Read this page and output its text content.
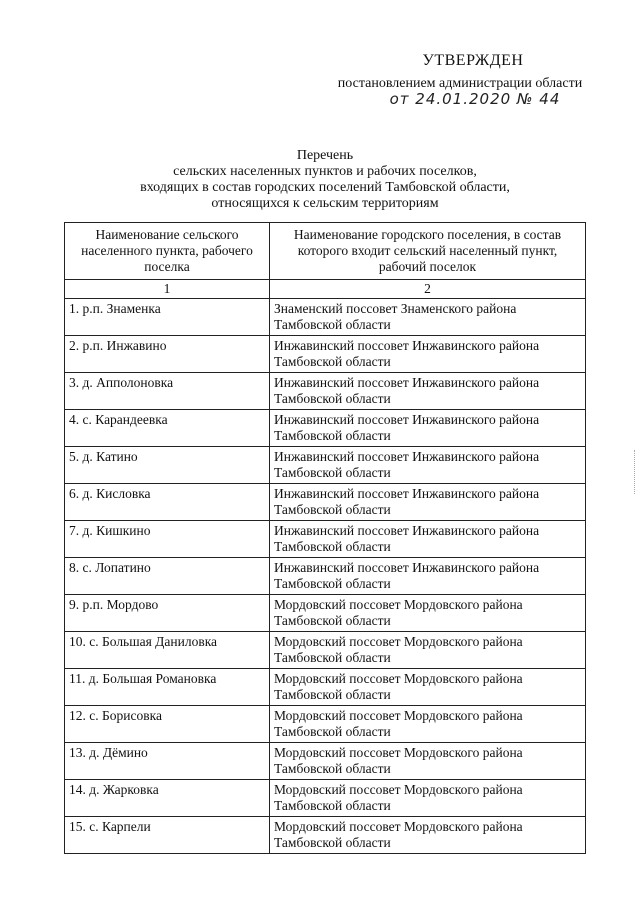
УТВЕРЖДЕН
постановлением администрации области
от 24.01.2020 № 44
Перечень
сельских населенных пунктов и рабочих поселков,
входящих в состав городских поселений Тамбовской области,
относящихся к сельским территориям
Наименование сельского населенного пункта, рабочего поселка	Наименование городского поселения, в состав которого входит сельский населенный пункт, рабочий поселок
1	2
1. р.п. Знаменка	Знаменский поссовет Знаменского района Тамбовской области
2. р.п. Инжавино	Инжавинский поссовет Инжавинского района Тамбовской области
3. д. Апполоновка	Инжавинский поссовет Инжавинского района Тамбовской области
4. с. Карандеевка	Инжавинский поссовет Инжавинского района Тамбовской области
5. д. Катино	Инжавинский поссовет Инжавинского района Тамбовской области
6. д. Кисловка	Инжавинский поссовет Инжавинского района Тамбовской области
7. д. Кишкино	Инжавинский поссовет Инжавинского района Тамбовской области
8. с. Лопатино	Инжавинский поссовет Инжавинского района Тамбовской области
9. р.п. Мордово	Мордовский поссовет Мордовского района Тамбовской области
10. с. Большая Даниловка	Мордовский поссовет Мордовского района Тамбовской области
11. д. Большая Романовка	Мордовский поссовет Мордовского района Тамбовской области
12. с. Борисовка	Мордовский поссовет Мордовского района Тамбовской области
13. д. Дёмино	Мордовский поссовет Мордовского района Тамбовской области
14. д. Жарковка	Мордовский поссовет Мордовского района Тамбовской области
15. с. Карпели	Мордовский поссовет Мордовского района Тамбовской области
